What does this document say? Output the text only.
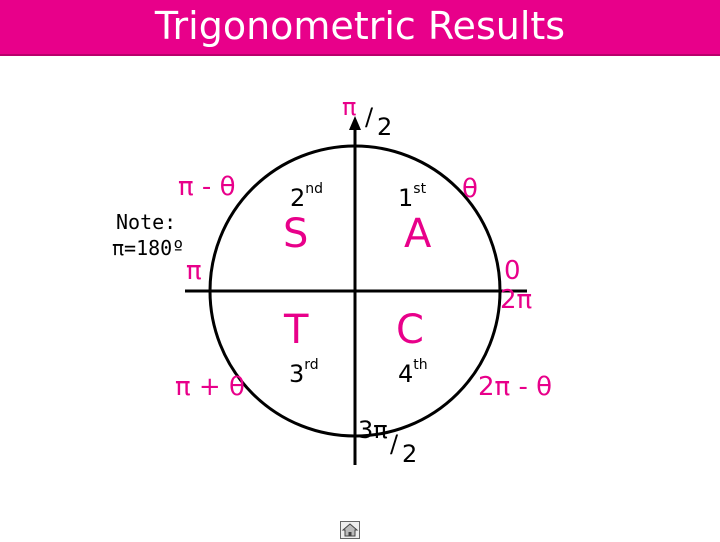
Trigonometric Results
π / 2
3π / 2
π	0
2π
θ
π - θ
π + θ	2π - θ
A
S
T C
1st
2nd
3rd	4th
Note:
π=180º
